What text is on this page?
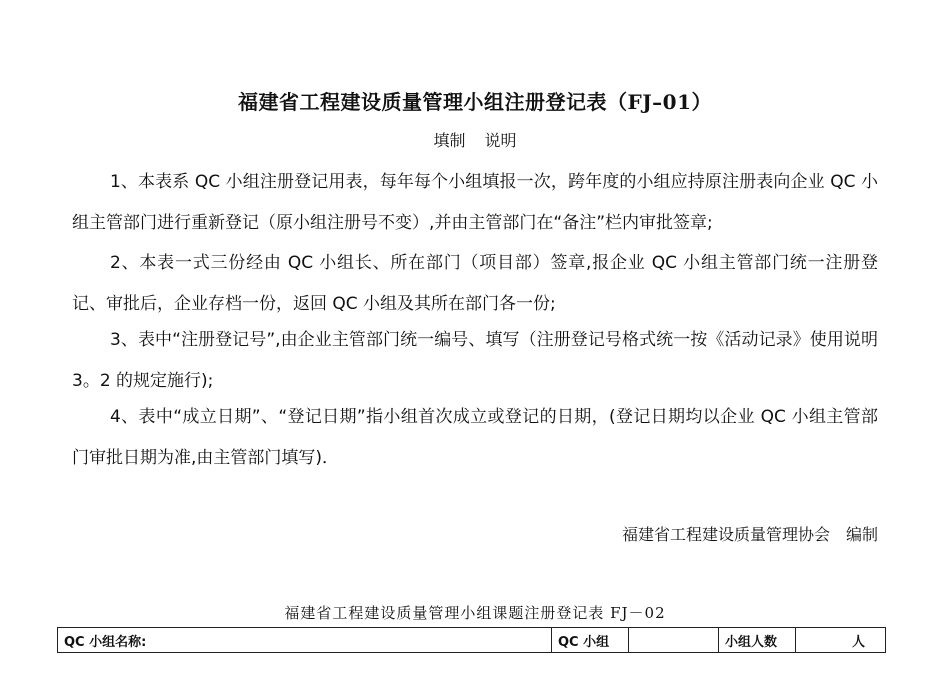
福建省工程建设质量管理小组注册登记表（FJ–01）
填制 说明

1、本表系 QC 小组注册登记用表，每年每个小组填报一次，跨年度的小组应持原注册表向企业 QC 小组主管部门进行重新登记（原小组注册号不变）,并由主管部门在“备注”栏内审批签章;

2、本表一式三份经由 QC 小组长、所在部门（项目部）签章,报企业 QC 小组主管部门统一注册登记、审批后，企业存档一份，返回 QC 小组及其所在部门各一份;

3、表中“注册登记号”,由企业主管部门统一编号、填写（注册登记号格式统一按《活动记录》使用说明 3。2 的规定施行);

4、表中“成立日期”、“登记日期”指小组首次成立或登记的日期，(登记日期均以企业 QC 小组主管部门审批日期为准,由主管部门填写)．

福建省工程建设质量管理协会　编制
福建省工程建设质量管理小组课题注册登记表 FJ－02
QC 小组名称:	QC 小组		小组人数	人
